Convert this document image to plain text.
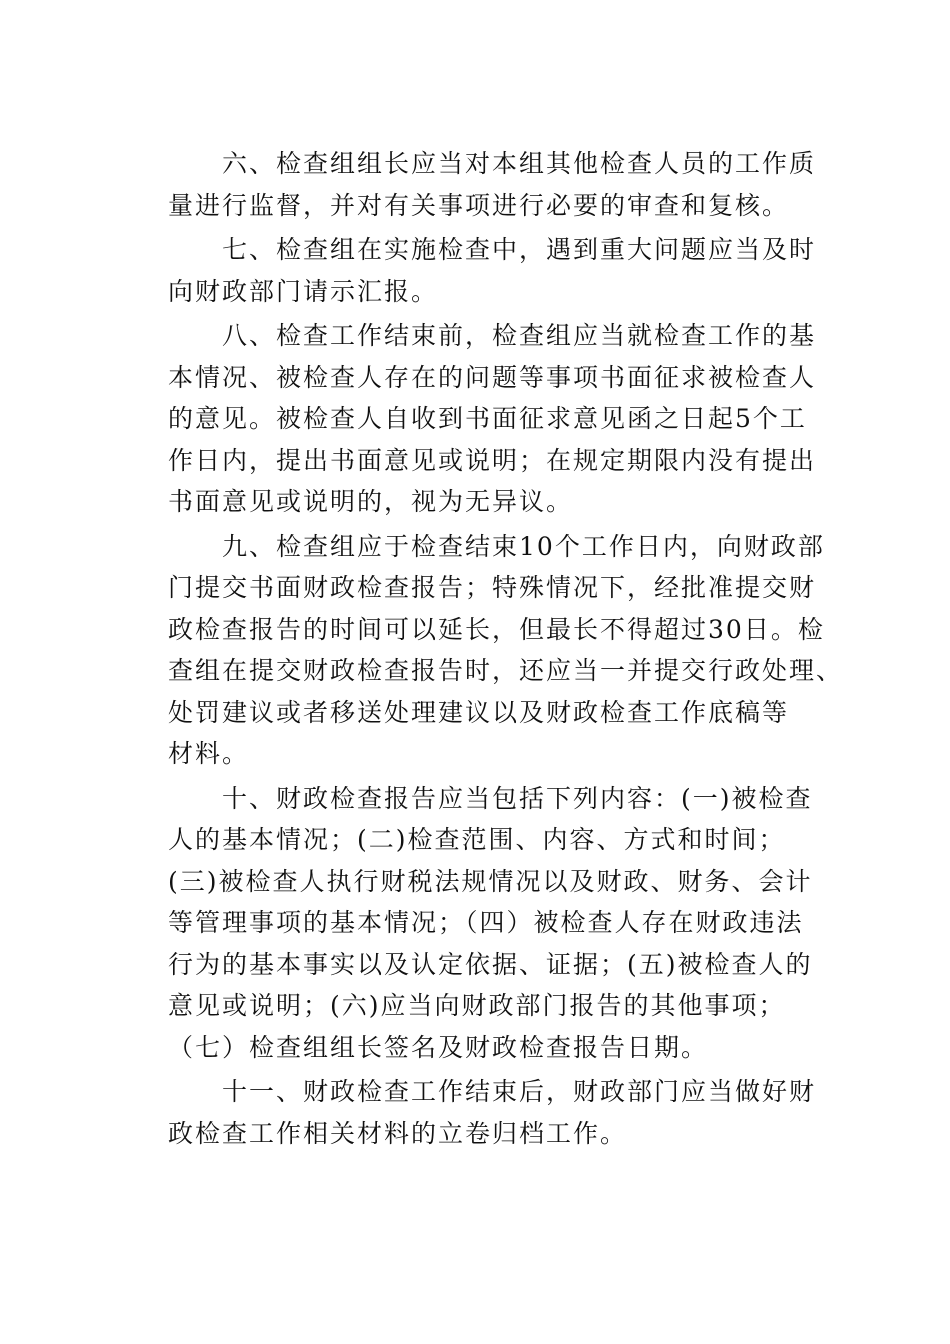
六、检查组组长应当对本组其他检查人员的工作质
量进行监督，并对有关事项进行必要的审查和复核。
七、检查组在实施检查中，遇到重大问题应当及时
向财政部门请示汇报。
八、检查工作结束前，检查组应当就检查工作的基
本情况、被检查人存在的问题等事项书面征求被检查人
的意见。被检查人自收到书面征求意见函之日起5个工
作日内，提出书面意见或说明；在规定期限内没有提出
书面意见或说明的，视为无异议。
九、检查组应于检查结束10个工作日内，向财政部
门提交书面财政检查报告；特殊情况下，经批准提交财
政检查报告的时间可以延长，但最长不得超过30日。检
查组在提交财政检查报告时，还应当一并提交行政处理、
处罚建议或者移送处理建议以及财政检查工作底稿等
材料。
十、财政检查报告应当包括下列内容：(一)被检查
人的基本情况；(二)检查范围、内容、方式和时间；
(三)被检查人执行财税法规情况以及财政、财务、会计
等管理事项的基本情况；（四）被检查人存在财政违法
行为的基本事实以及认定依据、证据；(五)被检查人的
意见或说明；(六)应当向财政部门报告的其他事项；
（七）检查组组长签名及财政检查报告日期。
十一、财政检查工作结束后，财政部门应当做好财
政检查工作相关材料的立卷归档工作。
